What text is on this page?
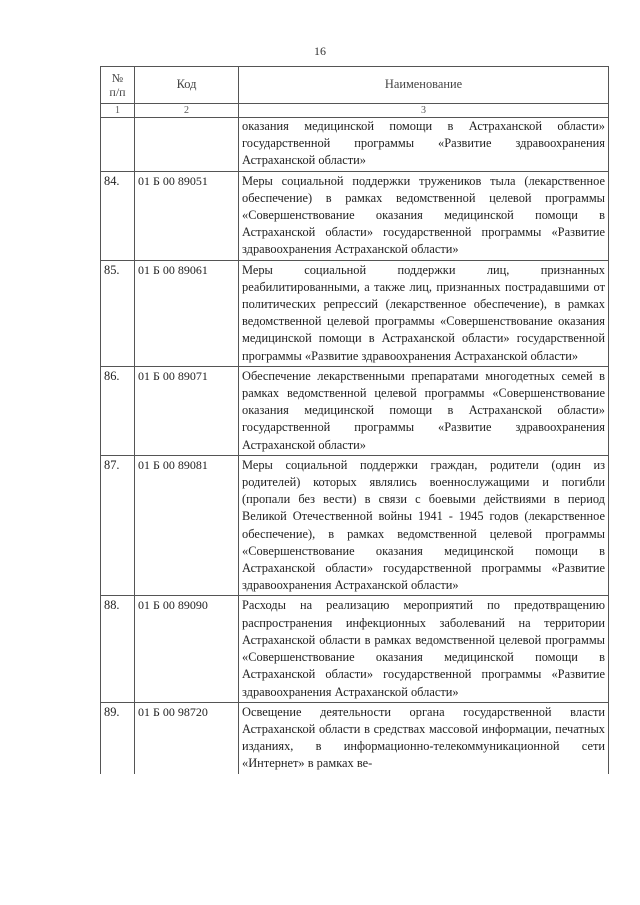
16
№
п/п	Код	Наименование
1	2	3
		оказания медицинской помощи в Астраханской области» государственной программы «Развитие здравоохранения Астраханской области»
84.	01 Б 00 89051	Меры социальной поддержки тружеников тыла (лекарственное обеспечение) в рамках ведомственной целевой программы «Совершенствование оказания медицинской помощи в Астраханской области» государственной программы «Развитие здравоохранения Астраханской области»
85.	01 Б 00 89061	Меры социальной поддержки лиц, признанных реабилитированными, а также лиц, признанных пострадавшими от политических репрессий (лекарственное обеспечение), в рамках ведомственной целевой программы «Совершенствование оказания медицинской помощи в Астраханской области» государственной программы «Развитие здравоохранения Астраханской области»
86.	01 Б 00 89071	Обеспечение лекарственными препаратами многодетных семей в рамках ведомственной целевой программы «Совершенствование оказания медицинской помощи в Астраханской области» государственной программы «Развитие здравоохранения Астраханской области»
87.	01 Б 00 89081	Меры социальной поддержки граждан, родители (один из родителей) которых являлись военнослужащими и погибли (пропали без вести) в связи с боевыми действиями в период Великой Отечественной войны 1941 - 1945 годов (лекарственное обеспечение), в рамках ведомственной целевой программы «Совершенствование оказания медицинской помощи в Астраханской области» государственной программы «Развитие здравоохранения Астраханской области»
88.	01 Б 00 89090	Расходы на реализацию мероприятий по предотвращению распространения инфекционных заболеваний на территории Астраханской области в рамках ведомственной целевой программы «Совершенствование оказания медицинской помощи в Астраханской области» государственной программы «Развитие здравоохранения Астраханской области»
89.	01 Б 00 98720	Освещение деятельности органа государственной власти Астраханской области в средствах массовой информации, печатных изданиях, в информационно-телекоммуникационной сети «Интернет» в рамках ве-
